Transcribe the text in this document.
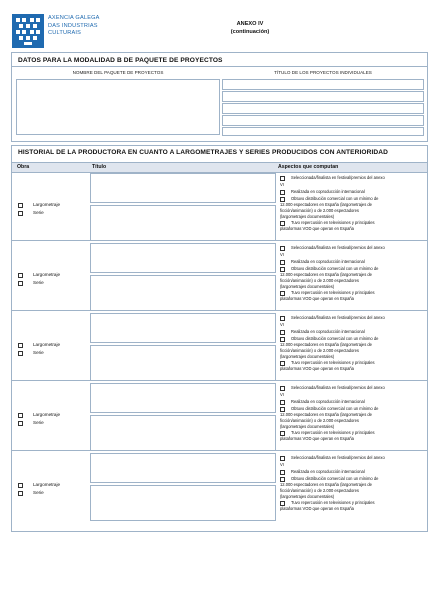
AXENCIA GALEGA
DAS INDUSTRIAS
CULTURAIS
ANEXO IV
(continuación)
DATOS PARA LA MODALIDAD B DE PAQUETE DE PROYECTOS
NOMBRE DEL PAQUETE DE PROYECTOS	TÍTULO DE LOS PROYECTOS INDIVIDUALES
HISTORIAL DE LA PRODUCTORA EN CUANTO A LARGOMETRAJES Y SERIES PRODUCIDOS CON ANTERIORIDAD
Obra	Título	Aspectos que computan
Largometraje
Serie
Seleccionada/finalista en festival/premios del anexo
VI
Realizada en coproducción internacional
Obtuvo distribución comercial con un mínimo de
12.000 espectadores en España (largometrajes de
ficción/animación) o de 2.000 espectadores
(largometrajes documentales)
Tuvo repercusión en televisiones y principales
plataformas VOD que operan en España
Largometraje
Serie
Seleccionada/finalista en festival/premios del anexo
VI
Realizada en coproducción internacional
Obtuvo distribución comercial con un mínimo de
12.000 espectadores en España (largometrajes de
ficción/animación) o de 2.000 espectadores
(largometrajes documentales)
Tuvo repercusión en televisiones y principales
plataformas VOD que operan en España
Largometraje
Serie
Seleccionada/finalista en festival/premios del anexo
VI
Realizada en coproducción internacional
Obtuvo distribución comercial con un mínimo de
12.000 espectadores en España (largometrajes de
ficción/animación) o de 2.000 espectadores
(largometrajes documentales)
Tuvo repercusión en televisiones y principales
plataformas VOD que operan en España
Largometraje
Serie
Seleccionada/finalista en festival/premios del anexo
VI
Realizada en coproducción internacional
Obtuvo distribución comercial con un mínimo de
12.000 espectadores en España (largometrajes de
ficción/animación) o de 2.000 espectadores
(largometrajes documentales)
Tuvo repercusión en televisiones y principales
plataformas VOD que operan en España
Largometraje
Serie
Seleccionada/finalista en festival/premios del anexo
VI
Realizada en coproducción internacional
Obtuvo distribución comercial con un mínimo de
12.000 espectadores en España (largometrajes de
ficción/animación) o de 2.000 espectadores
(largometrajes documentales)
Tuvo repercusión en televisiones y principales
plataformas VOD que operan en España
